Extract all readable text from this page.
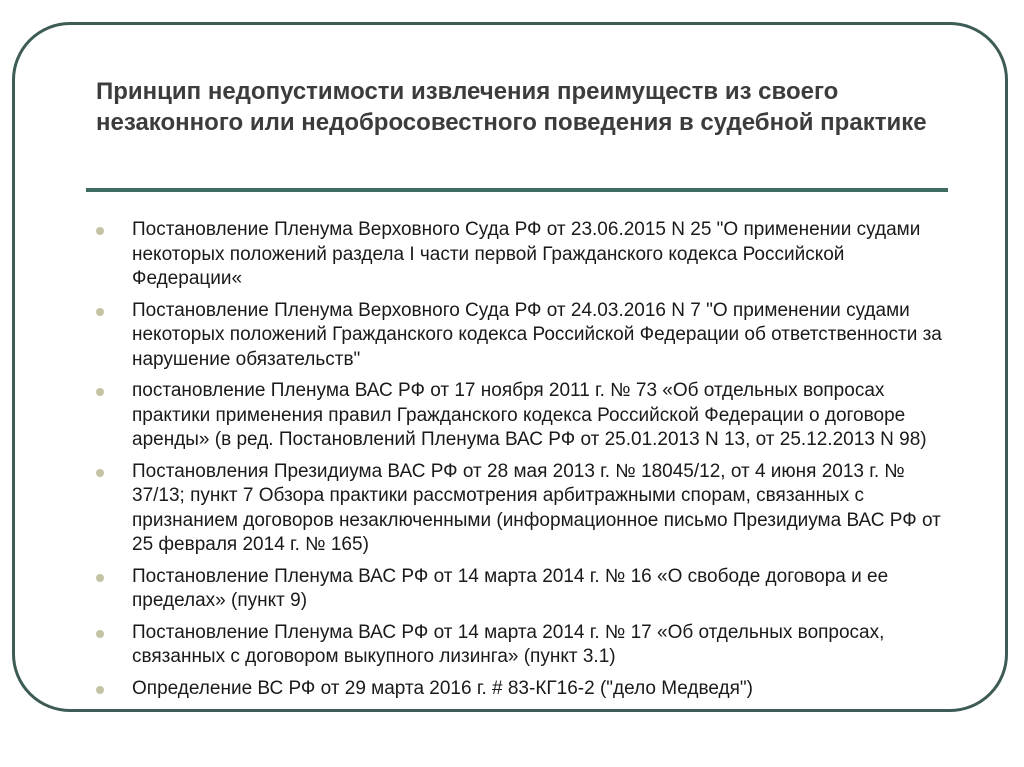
Принцип недопустимости извлечения преимуществ из своего незаконного или недобросовестного поведения в судебной практике
Постановление Пленума Верховного Суда РФ от 23.06.2015 N 25 "О применении судами некоторых положений раздела I части первой Гражданского кодекса Российской Федерации«
Постановление Пленума Верховного Суда РФ от 24.03.2016 N 7 "О применении судами некоторых положений Гражданского кодекса Российской Федерации об ответственности за нарушение обязательств"
постановление Пленума ВАС РФ от 17 ноября 2011 г. № 73 «Об отдельных вопросах практики применения правил Гражданского кодекса Российской Федерации о договоре аренды» (в ред. Постановлений Пленума ВАС РФ от 25.01.2013 N 13, от 25.12.2013 N 98)
Постановления Президиума ВАС РФ от 28 мая 2013 г. № 18045/12, от 4 июня 2013 г. № 37/13; пункт 7 Обзора практики рассмотрения арбитражными спорам, связанных с признанием договоров незаключенными (информационное письмо Президиума ВАС РФ от 25 февраля 2014 г. № 165)
Постановление Пленума ВАС РФ от 14 марта 2014 г. № 16 «О свободе договора и ее пределах» (пункт 9)
Постановление Пленума ВАС РФ от 14 марта 2014 г. № 17 «Об отдельных вопросах, связанных с договором выкупного лизинга» (пункт 3.1)
Определение ВС РФ от 29 марта 2016 г. # 83-КГ16-2 ("дело Медведя")
